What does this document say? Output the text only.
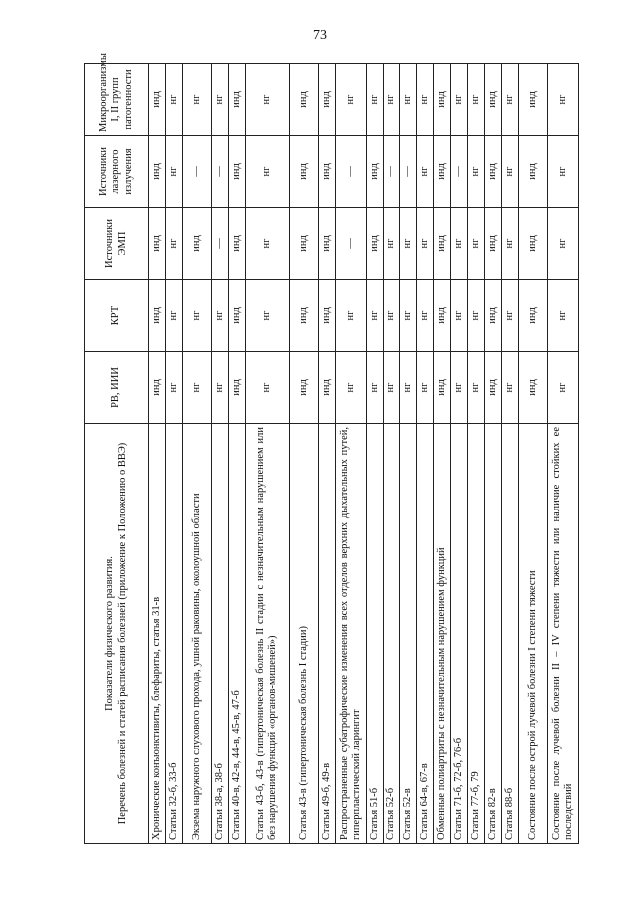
73
Показатели физического развития. Перечень болезней и статей расписания болезней (приложение к Положению о ВВЭ)	РВ, ИИИ	КРТ	Источники ЭМП	Источники лазерного излучения	Микроорганизмы I, II групп патогенности
Хронические конъюнктивиты, блефариты, статья 31-в	инд	инд	инд	инд	инд
Статьи 32-б, 33-б	нг	нг	нг	нг	нг
Экзема наружного слухового прохода, ушной раковины, околоушной области	нг	нг	инд	—	нг
Статьи 38-а, 38-б	нг	нг	—	—	нг
Статьи 40-в, 42-в, 44-в, 45-в, 47-б	инд	инд	инд	инд	инд
Статьи 43-б, 43-в (гипертоническая болезнь II стадии с незначительным нарушением или без нарушения функций «органов-мишеней»)	нг	нг	нг	нг	нг
Статья 43-в (гипертоническая болезнь I стадии)	инд	инд	инд	инд	инд
Статьи 49-б, 49-в	инд	инд	инд	инд	инд
Распространенные субатрофические изменения всех отделов верхних дыхательных путей, гиперпластический ларингит	нг	нг	—	—	нг
Статья 51-б	нг	нг	инд	инд	нг
Статья 52-б	нг	нг	нг	—	нг
Статья 52-в	нг	нг	нг	—	нг
Статьи 64-в, 67-в	нг	нг	нг	нг	нг
Обменные полиартриты с незначительным нарушением функций	инд	инд	инд	инд	инд
Статьи 71-б, 72-б, 76-б	нг	нг	нг	—	нг
Статьи 77-б, 79	нг	нг	нг	нг	нг
Статья 82-в	инд	инд	инд	инд	инд
Статья 88-б	нг	нг	нг	нг	нг
Состояние после острой лучевой болезни I степени тяжести	инд	инд	инд	инд	инд
Состояние после лучевой болезни II – IV степени тяжести или наличие стойких ее последствий	нг	нг	нг	нг	нг
